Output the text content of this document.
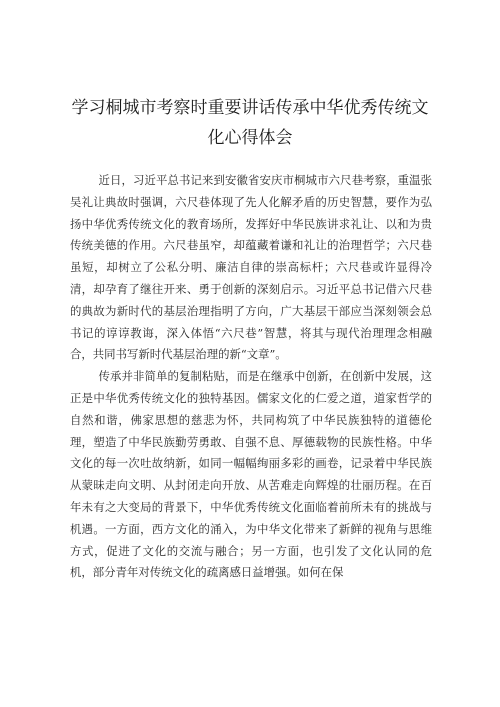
学习桐城市考察时重要讲话传承中华优秀传统文化心得体会

近日，习近平总书记来到安徽省安庆市桐城市六尺巷考察，重温张吴礼让典故时强调，六尺巷体现了先人化解矛盾的历史智慧，要作为弘扬中华优秀传统文化的教育场所，发挥好中华民族讲求礼让、以和为贵传统美德的作用。六尺巷虽窄，却蕴藏着谦和礼让的治理哲学；六尺巷虽短，却树立了公私分明、廉洁自律的崇高标杆；六尺巷或许显得冷清，却孕育了继往开来、勇于创新的深刻启示。习近平总书记借六尺巷的典故为新时代的基层治理指明了方向，广大基层干部应当深刻领会总书记的谆谆教诲，深入体悟“六尺巷”智慧，将其与现代治理理念相融合，共同书写新时代基层治理的新“文章”。

传承并非简单的复制粘贴，而是在继承中创新，在创新中发展，这正是中华优秀传统文化的独特基因。儒家文化的仁爱之道，道家哲学的自然和谐，佛家思想的慈悲为怀，共同构筑了中华民族独特的道德伦理，塑造了中华民族勤劳勇敢、自强不息、厚德载物的民族性格。中华文化的每一次吐故纳新，如同一幅幅绚丽多彩的画卷，记录着中华民族从蒙昧走向文明、从封闭走向开放、从苦难走向辉煌的壮丽历程。在百年未有之大变局的背景下，中华优秀传统文化面临着前所未有的挑战与机遇。一方面，西方文化的涌入，为中华文化带来了新鲜的视角与思维方式，促进了文化的交流与融合；另一方面，也引发了文化认同的危机，部分青年对传统文化的疏离感日益增强。如何在保
